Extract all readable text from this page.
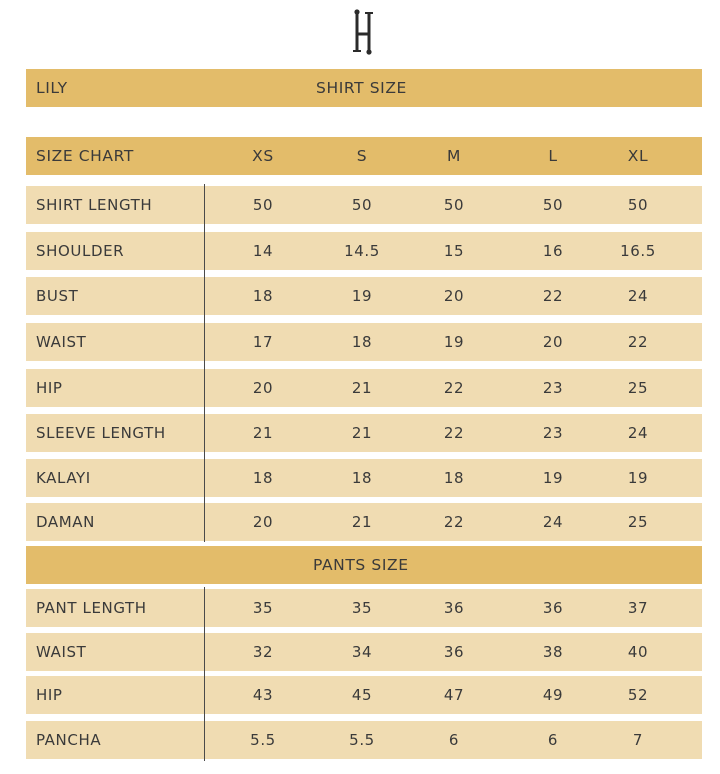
LILY	SHIRT SIZE
SIZE CHART	XS	S	M	L	XL
SHIRT LENGTH	50	50	50	50	50
SHOULDER	14	14.5	15	16	16.5
BUST	18	19	20	22	24
WAIST	17	18	19	20	22
HIP	20	21	22	23	25
SLEEVE LENGTH	21	21	22	23	24
KALAYI	18	18	18	19	19
DAMAN	20	21	22	24	25
PANTS SIZE
PANT LENGTH	35	35	36	36	37
WAIST	32	34	36	38	40
HIP	43	45	47	49	52
PANCHA	5.5	5.5	6	6	7
